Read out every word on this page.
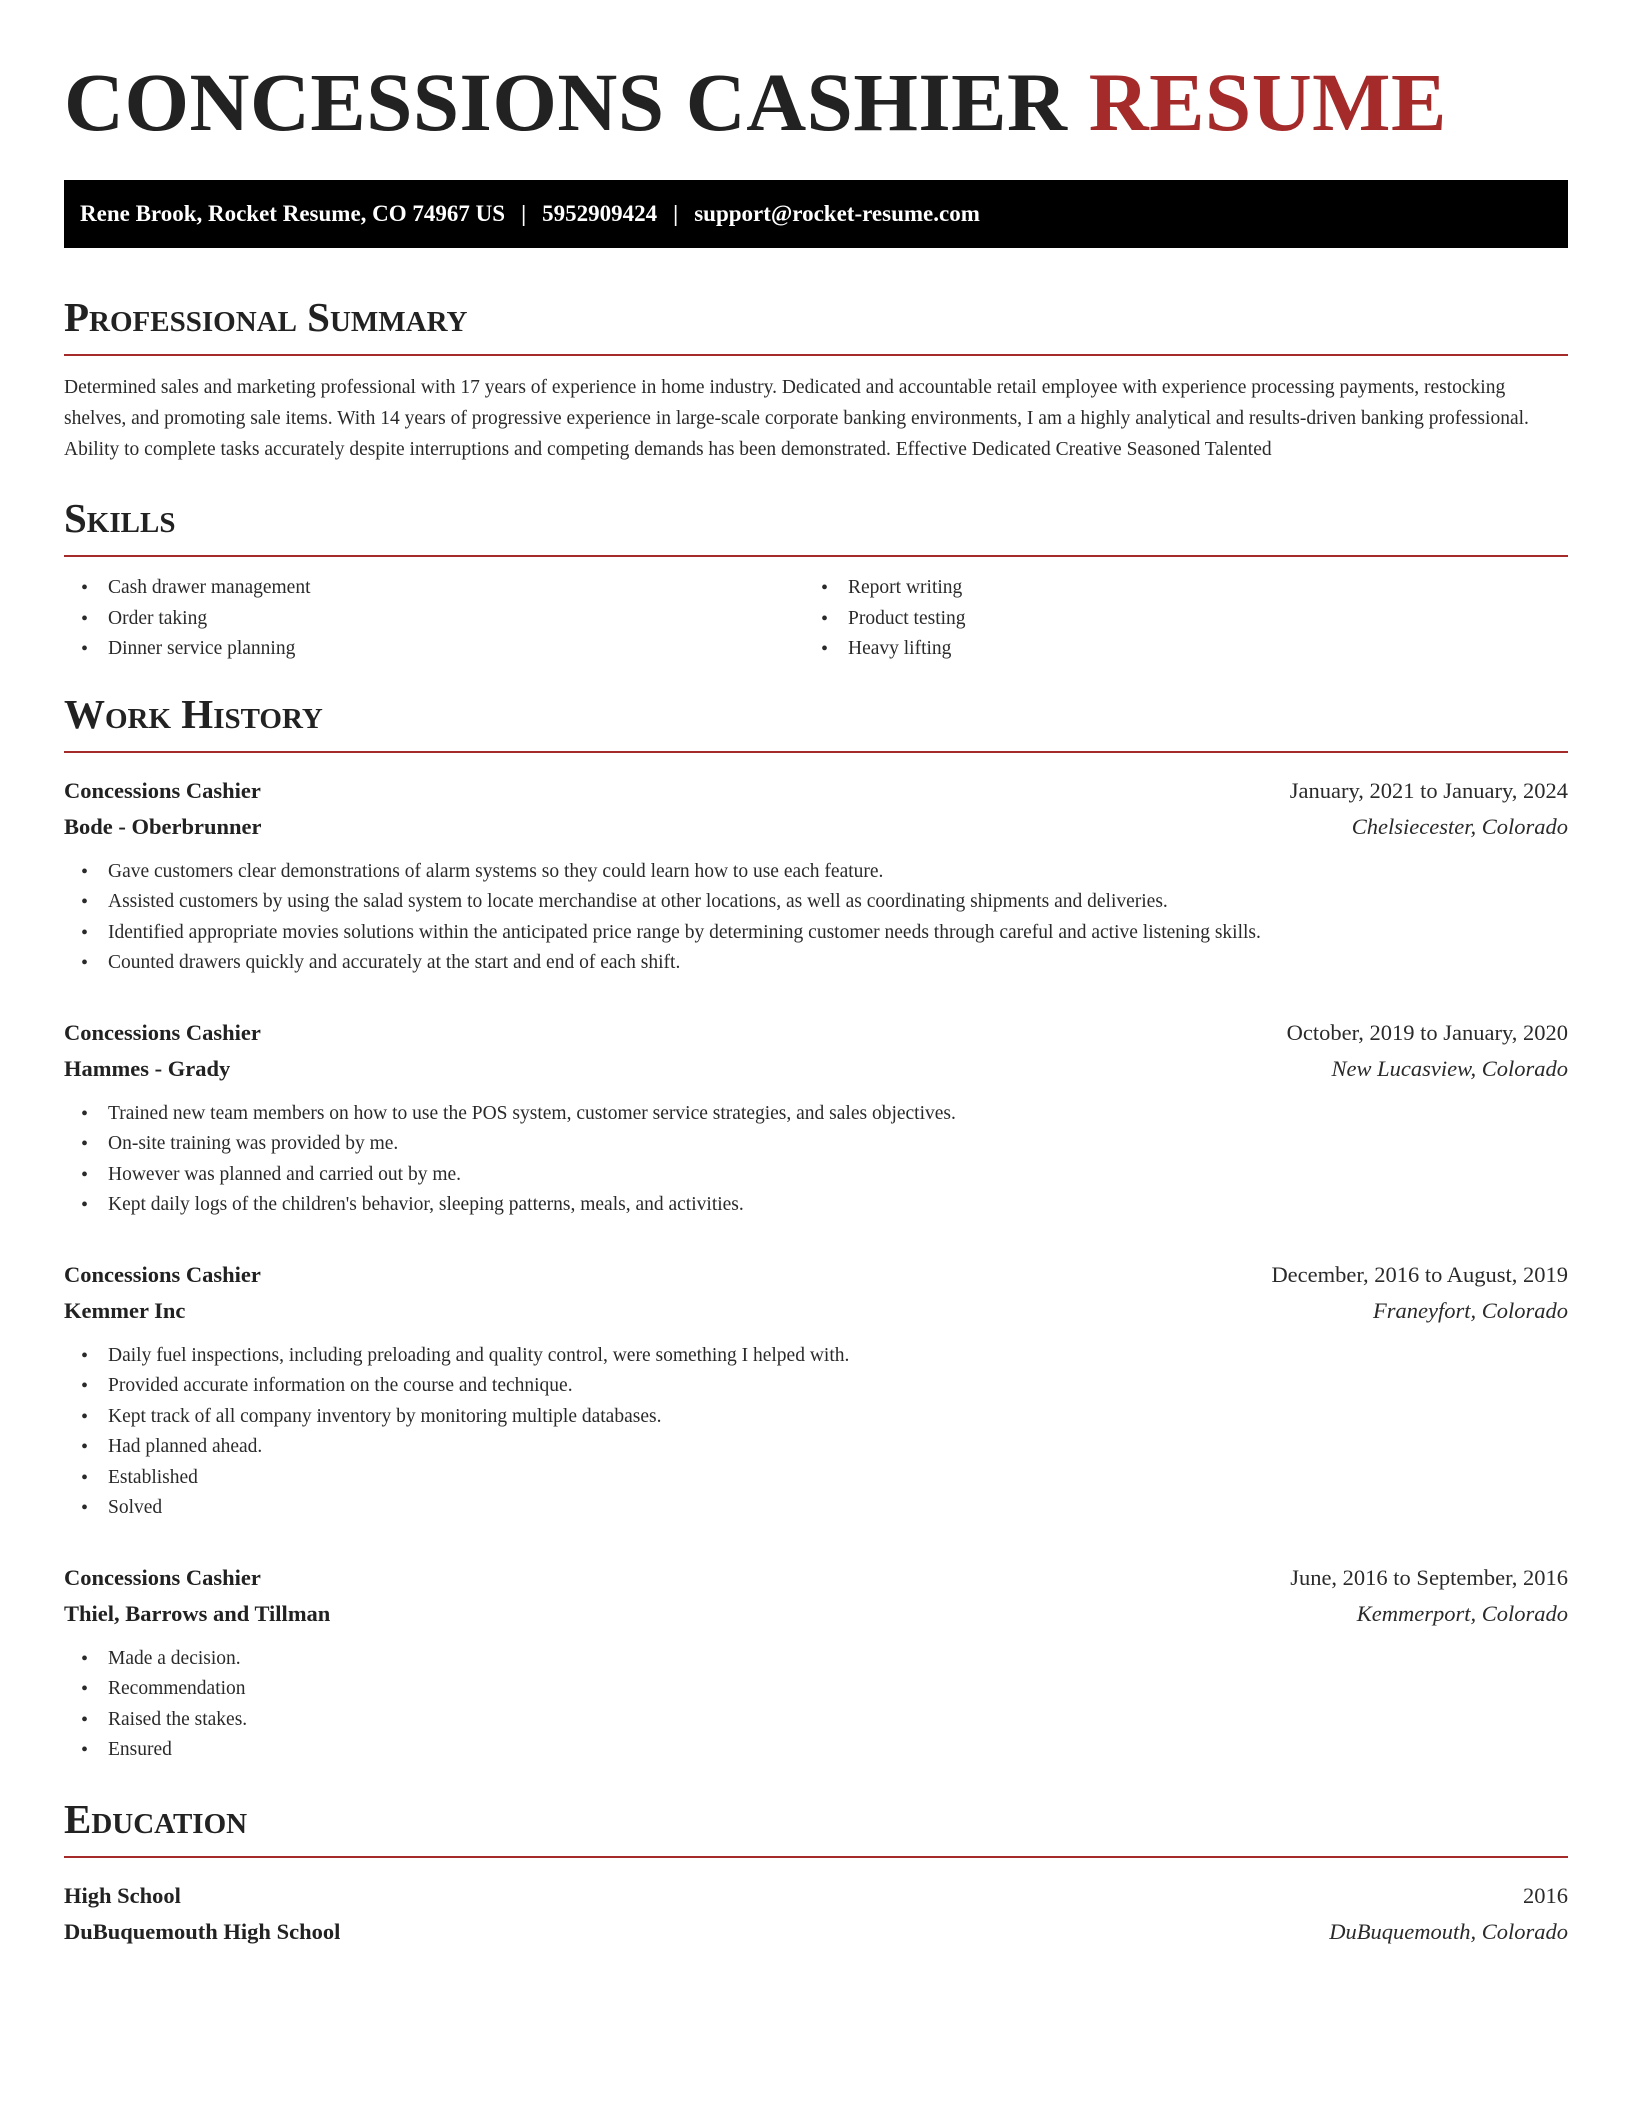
CONCESSIONS CASHIER RESUME
Rene Brook, Rocket Resume, CO 74967 US | 5952909424 | support@rocket-resume.com
Professional Summary

Determined sales and marketing professional with 17 years of experience in home industry. Dedicated and accountable retail employee with experience processing payments, restocking shelves, and promoting sale items. With 14 years of progressive experience in large-scale corporate banking environments, I am a highly analytical and results-driven banking professional. Ability to complete tasks accurately despite interruptions and competing demands has been demonstrated. Effective Dedicated Creative Seasoned Talented

Skills
• Cash drawer management
• Order taking
• Dinner service planning
• Report writing
• Product testing
• Heavy lifting
Work History
Concessions Cashier	January, 2021 to January, 2024
Bode - Oberbrunner	Chelsiecester, Colorado
• Gave customers clear demonstrations of alarm systems so they could learn how to use each feature.
• Assisted customers by using the salad system to locate merchandise at other locations, as well as coordinating shipments and deliveries.
• Identified appropriate movies solutions within the anticipated price range by determining customer needs through careful and active listening skills.
• Counted drawers quickly and accurately at the start and end of each shift.
Concessions Cashier	October, 2019 to January, 2020
Hammes - Grady	New Lucasview, Colorado
• Trained new team members on how to use the POS system, customer service strategies, and sales objectives.
• On-site training was provided by me.
• However was planned and carried out by me.
• Kept daily logs of the children's behavior, sleeping patterns, meals, and activities.
Concessions Cashier	December, 2016 to August, 2019
Kemmer Inc	Franeyfort, Colorado
• Daily fuel inspections, including preloading and quality control, were something I helped with.
• Provided accurate information on the course and technique.
• Kept track of all company inventory by monitoring multiple databases.
• Had planned ahead.
• Established
• Solved
Concessions Cashier	June, 2016 to September, 2016
Thiel, Barrows and Tillman	Kemmerport, Colorado
• Made a decision.
• Recommendation
• Raised the stakes.
• Ensured
Education
High School	2016
DuBuquemouth High School	DuBuquemouth, Colorado
